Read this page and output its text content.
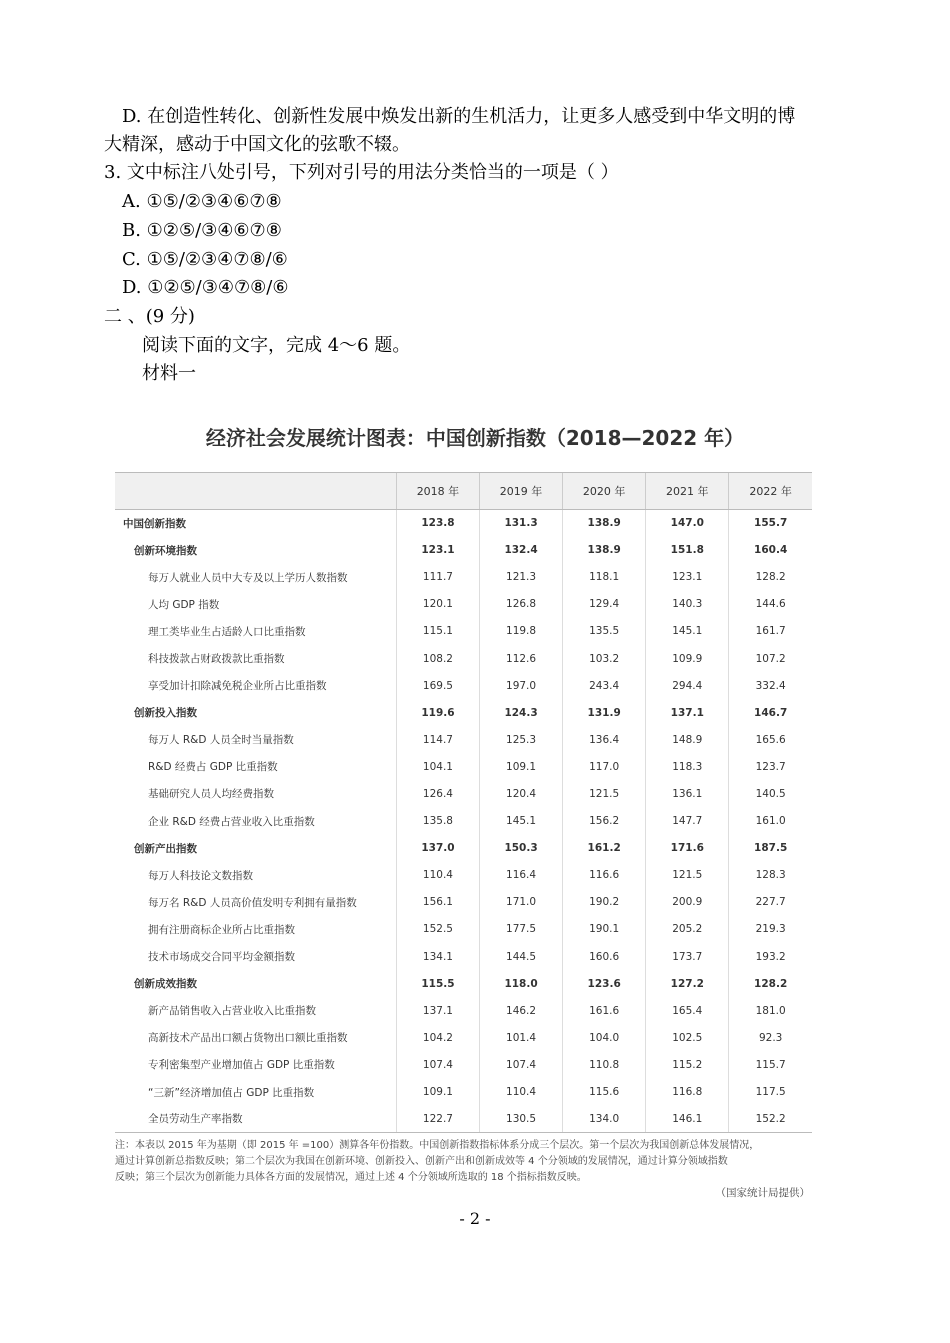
D. 在创造性转化、创新性发展中焕发出新的生机活力，让更多人感受到中华文明的博
大精深，感动于中国文化的弦歌不辍。
3. 文中标注八处引号，下列对引号的用法分类恰当的一项是（ ）
A. ①⑤/②③④⑥⑦⑧
B. ①②⑤/③④⑥⑦⑧
C. ①⑤/②③④⑦⑧/⑥
D. ①②⑤/③④⑦⑧/⑥
二 、(9 分)
阅读下面的文字，完成 4～6 题。
材料一
经济社会发展统计图表：中国创新指数（2018—2022 年）
	2018 年	2019 年	2020 年	2021 年	2022 年
中国创新指数	123.8	131.3	138.9	147.0	155.7
创新环境指数	123.1	132.4	138.9	151.8	160.4
每万人就业人员中大专及以上学历人数指数	111.7	121.3	118.1	123.1	128.2
人均 GDP 指数	120.1	126.8	129.4	140.3	144.6
理工类毕业生占适龄人口比重指数	115.1	119.8	135.5	145.1	161.7
科技拨款占财政拨款比重指数	108.2	112.6	103.2	109.9	107.2
享受加计扣除减免税企业所占比重指数	169.5	197.0	243.4	294.4	332.4
创新投入指数	119.6	124.3	131.9	137.1	146.7
每万人 R&D 人员全时当量指数	114.7	125.3	136.4	148.9	165.6
R&D 经费占 GDP 比重指数	104.1	109.1	117.0	118.3	123.7
基础研究人员人均经费指数	126.4	120.4	121.5	136.1	140.5
企业 R&D 经费占营业收入比重指数	135.8	145.1	156.2	147.7	161.0
创新产出指数	137.0	150.3	161.2	171.6	187.5
每万人科技论文数指数	110.4	116.4	116.6	121.5	128.3
每万名 R&D 人员高价值发明专利拥有量指数	156.1	171.0	190.2	200.9	227.7
拥有注册商标企业所占比重指数	152.5	177.5	190.1	205.2	219.3
技术市场成交合同平均金额指数	134.1	144.5	160.6	173.7	193.2
创新成效指数	115.5	118.0	123.6	127.2	128.2
新产品销售收入占营业收入比重指数	137.1	146.2	161.6	165.4	181.0
高新技术产品出口额占货物出口额比重指数	104.2	101.4	104.0	102.5	92.3
专利密集型产业增加值占 GDP 比重指数	107.4	107.4	110.8	115.2	115.7
“三新”经济增加值占 GDP 比重指数	109.1	110.4	115.6	116.8	117.5
全员劳动生产率指数	122.7	130.5	134.0	146.1	152.2
注：本表以 2015 年为基期（即 2015 年 =100）测算各年份指数。中国创新指数指标体系分成三个层次。第一个层次为我国创新总体发展情况，
通过计算创新总指数反映；第二个层次为我国在创新环境、创新投入、创新产出和创新成效等 4 个分领域的发展情况，通过计算分领域指数
反映；第三个层次为创新能力具体各方面的发展情况，通过上述 4 个分领域所选取的 18 个指标指数反映。
（国家统计局提供）
- 2 -
